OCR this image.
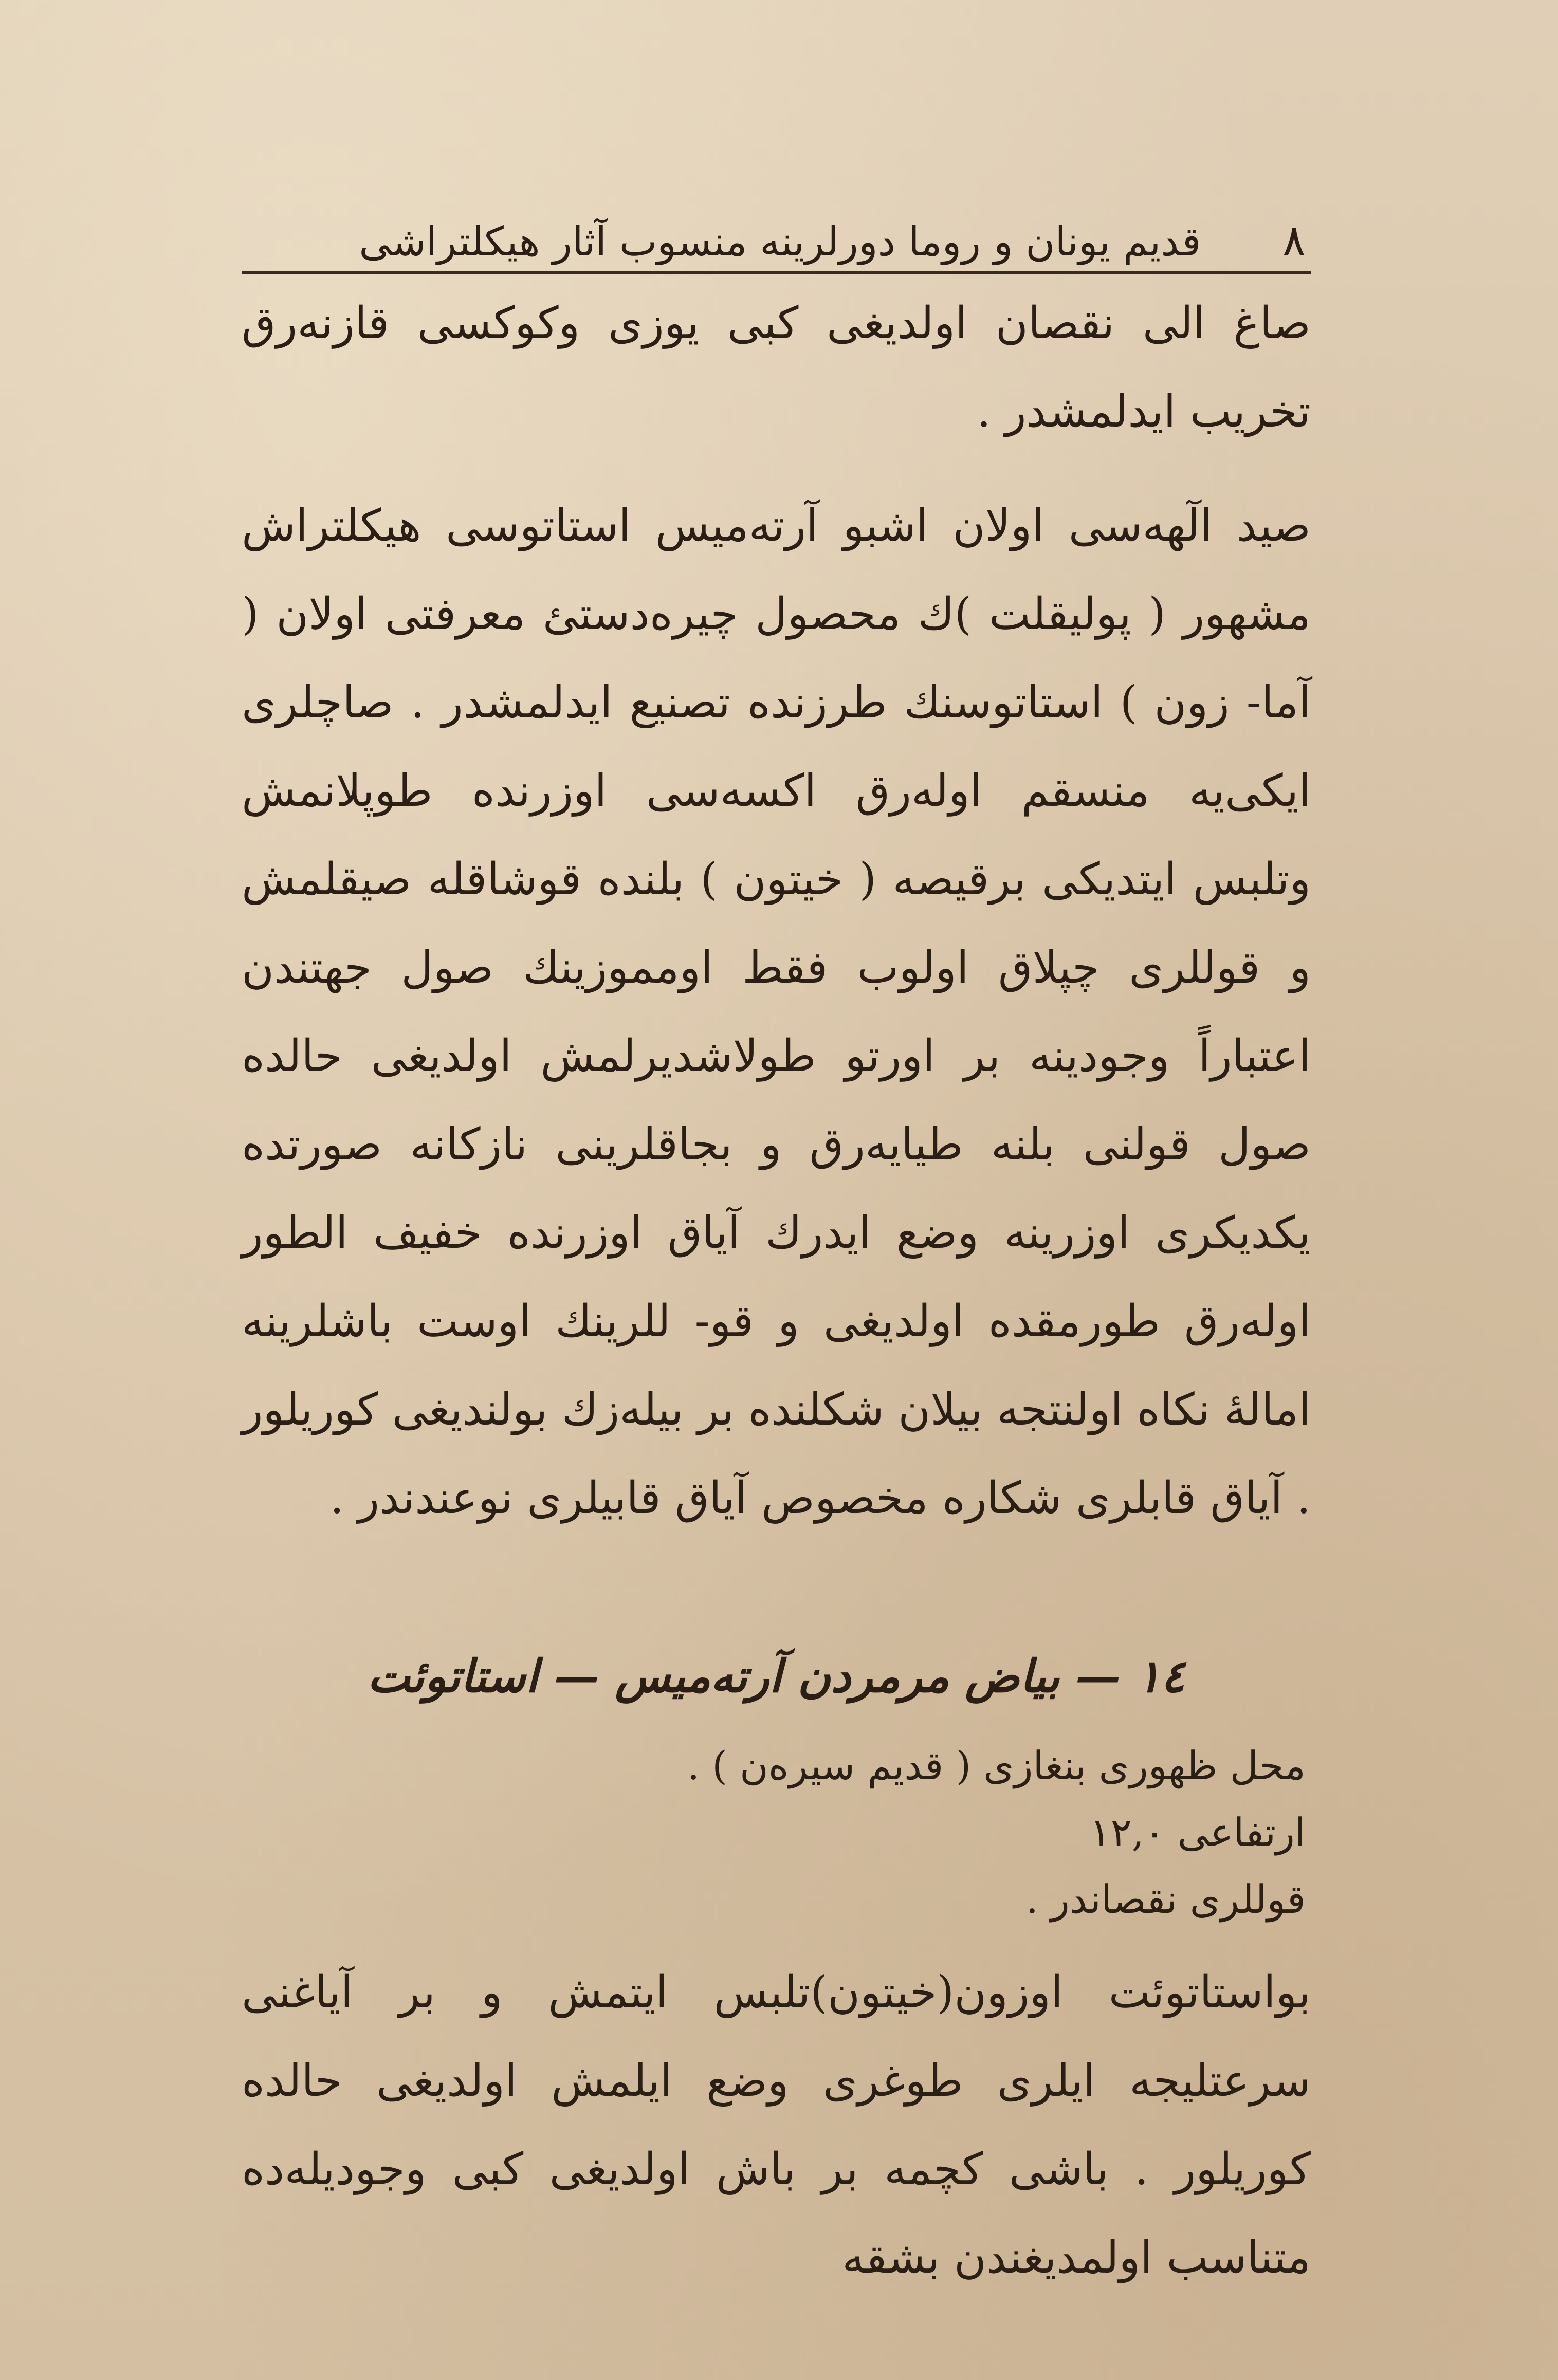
٨
قديم يونان و روما دورلرينه منسوب آثار هيكلتراشى

صاغ الى نقصان اولديغى كبى يوزى وكوكسى قازنه‌رق تخريب ايدلمشدر .

صيد الٓهه‌سى اولان اشبو آرته‌ميس استاتوسى هيكلتراش مشهور ( پوليقلت )ك محصول چيره‌دستئ معرفتى اولان ( آما- زون ) استاتوسنك طرزنده تصنيع ايدلمشدر . صاچلرى ايكى‌يه منسقم اوله‌رق اكسه‌سى اوزرنده طوپلانمش وتلبس ايتديكى برقيصه ( خيتون ) بلنده قوشاقله صيقلمش و قوللرى چپلاق اولوب فقط اومموزينك صول جهتندن اعتباراً وجودينه بر اورتو طولاشديرلمش اولديغى حالده صول قولنى بلنه طيايه‌رق و بجاقلرينى نازكانه صورتده يكديكرى اوزرينه وضع ايدرك آياق اوزرنده خفيف الطور اوله‌رق طورمقده اولديغى و قو- للرينك اوست باشلرينه امالهٔ نكاه اولنتجه بيلان شكلنده بر بيله‌زك بولنديغى كوريلور . آياق قابلرى شكاره مخصوص آياق قابيلرى نوعندندر .

١٤ — بياض مرمردن آرته‌ميس — استاتوئت
محل ظهورى بنغازى ( قديم سيره‌ن ) .
ارتفاعى ١٢,٠
قوللرى نقصاندر .

بواستاتوئت اوزون(خيتون)تلبس ايتمش و بر آياغنى سرعتليجه ايلرى طوغرى وضع ايلمش اولديغى حالده كوريلور . باشى كچمه بر باش اولديغى كبى وجوديله‌ده متناسب اولمديغندن بشقه
